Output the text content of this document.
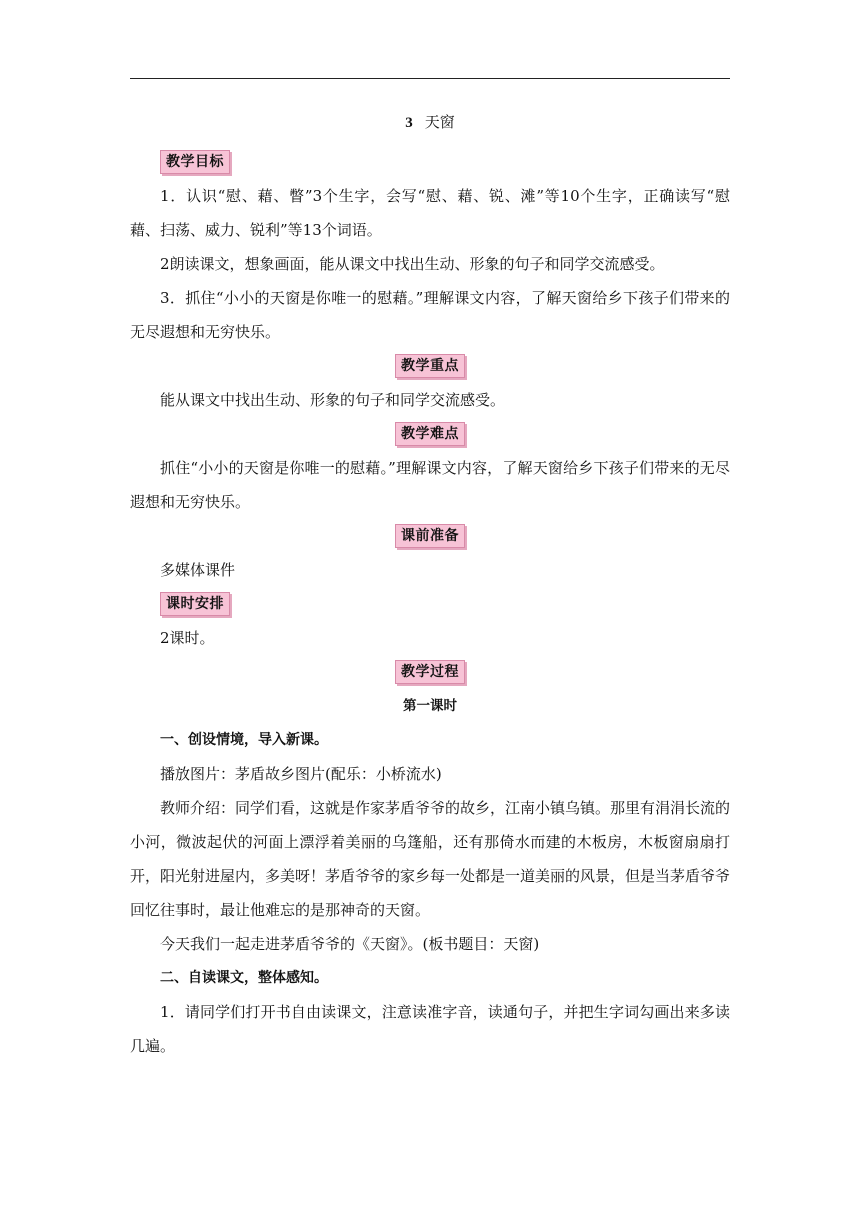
3 天窗
教学目标

1．认识“慰、藉、瞥”3个生字，会写“慰、藉、锐、滩”等10个生字，正确读写“慰藉、扫荡、威力、锐利”等13个词语。

2朗读课文，想象画面，能从课文中找出生动、形象的句子和同学交流感受。

3．抓住“小小的天窗是你唯一的慰藉。”理解课文内容，了解天窗给乡下孩子们带来的无尽遐想和无穷快乐。

教学重点

能从课文中找出生动、形象的句子和同学交流感受。

教学难点

抓住“小小的天窗是你唯一的慰藉。”理解课文内容，了解天窗给乡下孩子们带来的无尽遐想和无穷快乐。

课前准备

多媒体课件

课时安排

2课时。

教学过程
第一课时
一、创设情境，导入新课。

播放图片：茅盾故乡图片(配乐：小桥流水)

教师介绍：同学们看，这就是作家茅盾爷爷的故乡，江南小镇乌镇。那里有涓涓长流的小河，微波起伏的河面上漂浮着美丽的乌篷船，还有那倚水而建的木板房，木板窗扇扇打开，阳光射进屋内，多美呀！茅盾爷爷的家乡每一处都是一道美丽的风景，但是当茅盾爷爷回忆往事时，最让他难忘的是那神奇的天窗。

今天我们一起走进茅盾爷爷的《天窗》。(板书题目：天窗)

二、自读课文，整体感知。

1．请同学们打开书自由读课文，注意读准字音，读通句子，并把生字词勾画出来多读几遍。
